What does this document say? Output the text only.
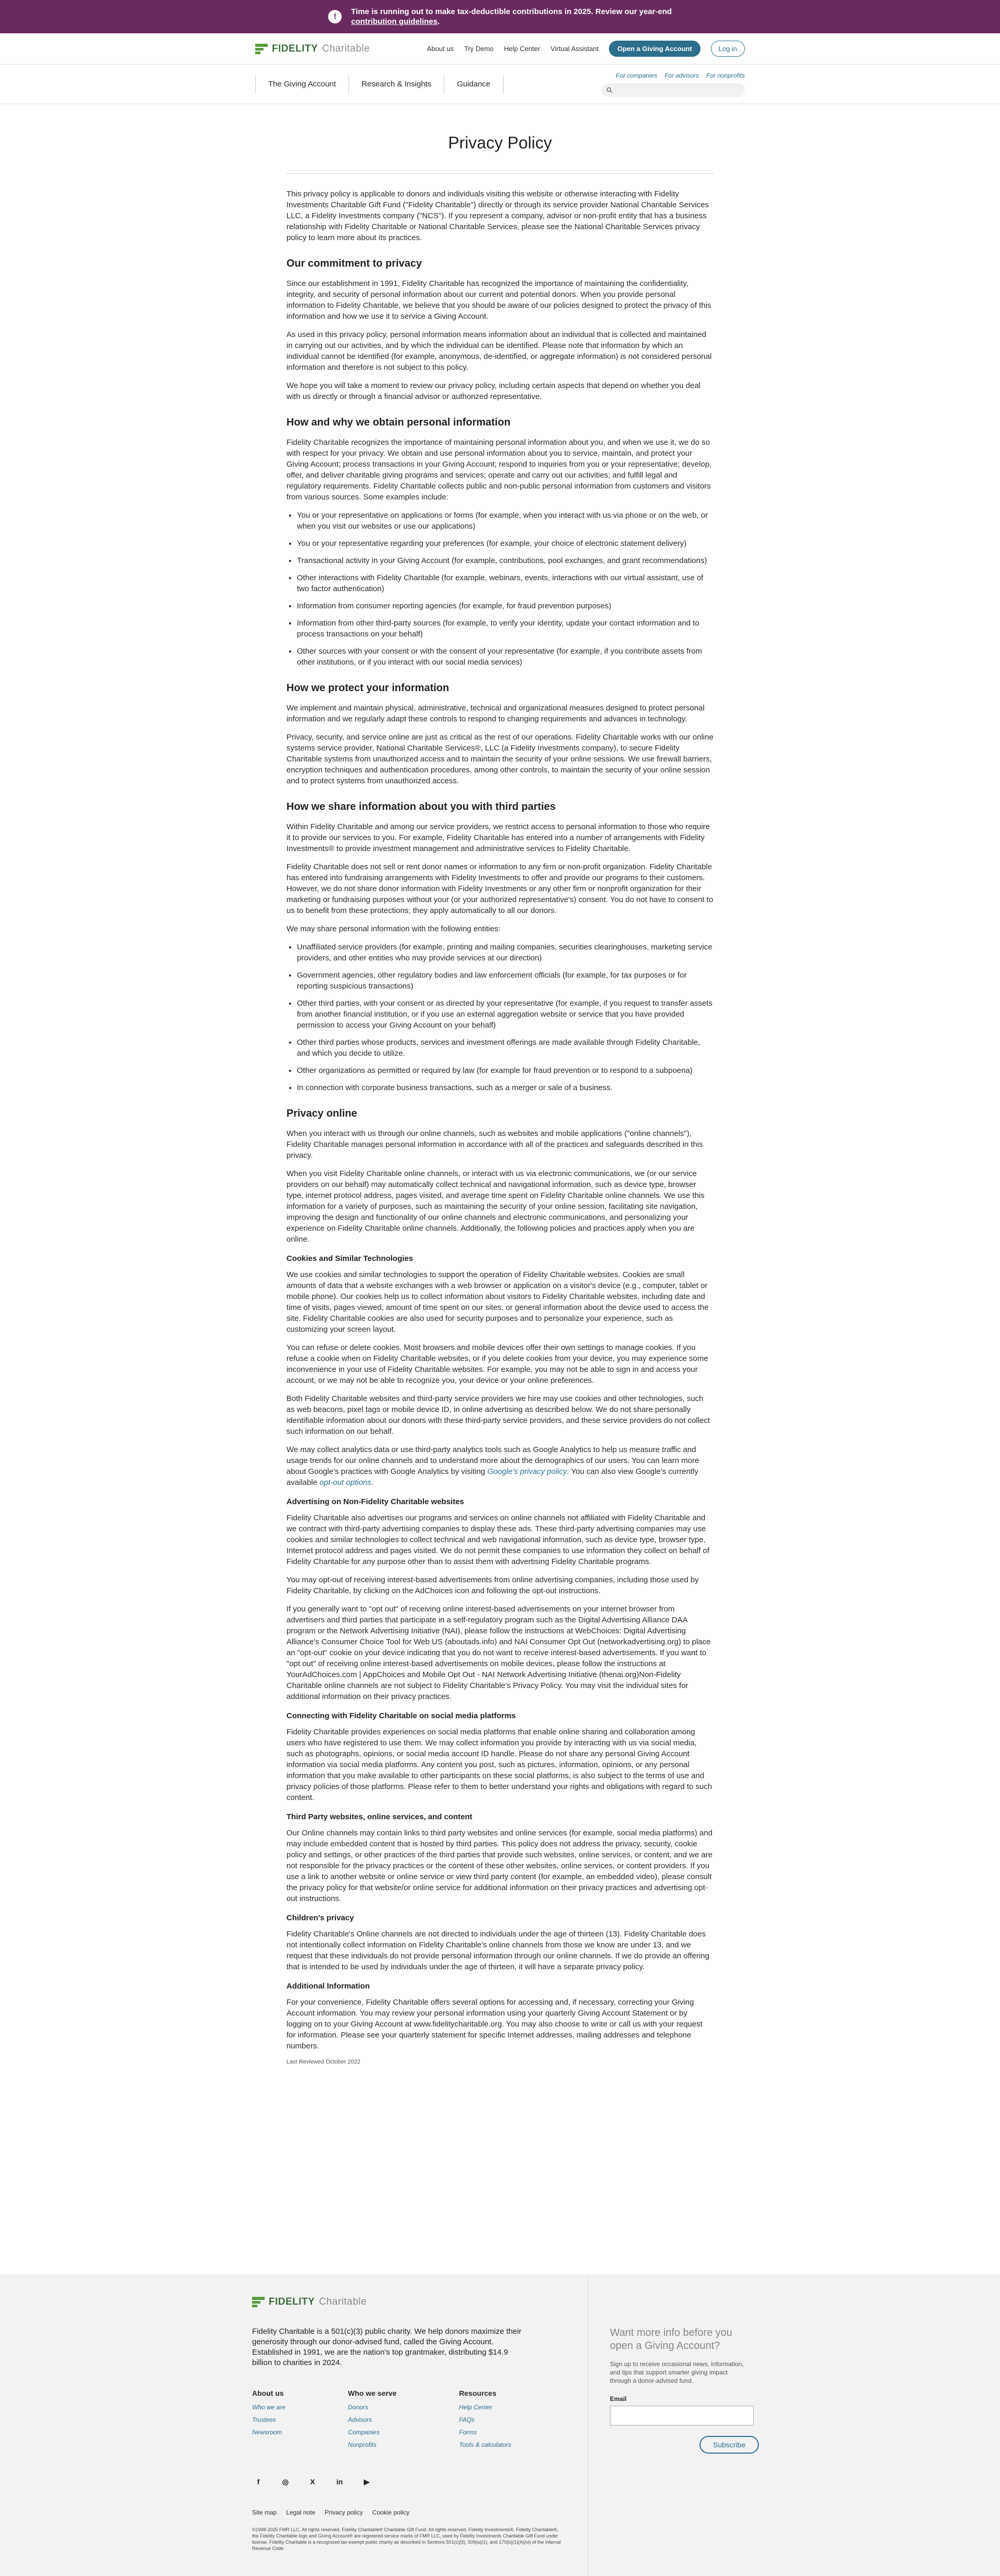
!	Time is running out to make tax-deductible contributions in 2025. Review our year-end
contribution guidelines.
FIDELITY Charitable	About us Try Demo Help Center Virtual Assistant	Open a Giving Account	Log in
The Giving Account	Research & Insights	Guidance
For companies For advisors For nonprofits
Privacy Policy

This privacy policy is applicable to donors and individuals visiting this website or otherwise interacting with Fidelity Investments Charitable Gift Fund ("Fidelity Charitable") directly or through its service provider National Charitable Services LLC, a Fidelity Investments company ("NCS"). If you represent a company, advisor or non-profit entity that has a business relationship with Fidelity Charitable or National Charitable Services, please see the National Charitable Services privacy policy to learn more about its practices.

Our commitment to privacy

Since our establishment in 1991, Fidelity Charitable has recognized the importance of maintaining the confidentiality, integrity, and security of personal information about our current and potential donors. When you provide personal information to Fidelity Charitable, we believe that you should be aware of our policies designed to protect the privacy of this information and how we use it to service a Giving Account.

As used in this privacy policy, personal information means information about an individual that is collected and maintained in carrying out our activities, and by which the individual can be identified. Please note that information by which an individual cannot be identified (for example, anonymous, de-identified, or aggregate information) is not considered personal information and therefore is not subject to this policy.

We hope you will take a moment to review our privacy policy, including certain aspects that depend on whether you deal with us directly or through a financial advisor or authorized representative.

How and why we obtain personal information

Fidelity Charitable recognizes the importance of maintaining personal information about you, and when we use it, we do so with respect for your privacy. We obtain and use personal information about you to service, maintain, and protect your Giving Account; process transactions in your Giving Account; respond to inquiries from you or your representative; develop, offer, and deliver charitable giving programs and services; operate and carry out our activities; and fulfill legal and regulatory requirements. Fidelity Charitable collects public and non-public personal information from customers and visitors from various sources. Some examples include:

• You or your representative on applications or forms (for example, when you interact with us via phone or on the web, or when you visit our websites or use our applications)
• You or your representative regarding your preferences (for example, your choice of electronic statement delivery)
• Transactional activity in your Giving Account (for example, contributions, pool exchanges, and grant recommendations)
• Other interactions with Fidelity Charitable (for example, webinars, events, interactions with our virtual assistant, use of two factor authentication)
• Information from consumer reporting agencies (for example, for fraud prevention purposes)
• Information from other third-party sources (for example, to verify your identity, update your contact information and to process transactions on your behalf)
• Other sources with your consent or with the consent of your representative (for example, if you contribute assets from other institutions, or if you interact with our social media services)
How we protect your information

We implement and maintain physical, administrative, technical and organizational measures designed to protect personal information and we regularly adapt these controls to respond to changing requirements and advances in technology.

Privacy, security, and service online are just as critical as the rest of our operations. Fidelity Charitable works with our online systems service provider, National Charitable Services®, LLC (a Fidelity Investments company), to secure Fidelity Charitable systems from unauthorized access and to maintain the security of your online sessions. We use firewall barriers, encryption techniques and authentication procedures, among other controls, to maintain the security of your online session and to protect systems from unauthorized access.

How we share information about you with third parties

Within Fidelity Charitable and among our service providers, we restrict access to personal information to those who require it to provide our services to you. For example, Fidelity Charitable has entered into a number of arrangements with Fidelity Investments® to provide investment management and administrative services to Fidelity Charitable.

Fidelity Charitable does not sell or rent donor names or information to any firm or non-profit organization. Fidelity Charitable has entered into fundraising arrangements with Fidelity Investments to offer and provide our programs to their customers. However, we do not share donor information with Fidelity Investments or any other firm or nonprofit organization for their marketing or fundraising purposes without your (or your authorized representative's) consent. You do not have to consent to us to benefit from these protections; they apply automatically to all our donors.

We may share personal information with the following entities:

• Unaffiliated service providers (for example, printing and mailing companies, securities clearinghouses, marketing service providers, and other entities who may provide services at our direction)
• Government agencies, other regulatory bodies and law enforcement officials (for example, for tax purposes or for reporting suspicious transactions)
• Other third parties, with your consent or as directed by your representative (for example, if you request to transfer assets from another financial institution, or if you use an external aggregation website or service that you have provided permission to access your Giving Account on your behalf)
• Other third parties whose products, services and investment offerings are made available through Fidelity Charitable, and which you decide to utilize.
• Other organizations as permitted or required by law (for example for fraud prevention or to respond to a subpoena)
• In connection with corporate business transactions, such as a merger or sale of a business.
Privacy online

When you interact with us through our online channels, such as websites and mobile applications ("online channels"), Fidelity Charitable manages personal information in accordance with all of the practices and safeguards described in this privacy.

When you visit Fidelity Charitable online channels, or interact with us via electronic communications, we (or our service providers on our behalf) may automatically collect technical and navigational information, such as device type, browser type, internet protocol address, pages visited, and average time spent on Fidelity Charitable online channels. We use this information for a variety of purposes, such as maintaining the security of your online session, facilitating site navigation, improving the design and functionality of our online channels and electronic communications, and personalizing your experience on Fidelity Charitable online channels. Additionally, the following policies and practices apply when you are online.

Cookies and Similar Technologies

We use cookies and similar technologies to support the operation of Fidelity Charitable websites. Cookies are small amounts of data that a website exchanges with a web browser or application on a visitor's device (e.g., computer, tablet or mobile phone). Our cookies help us to collect information about visitors to Fidelity Charitable websites, including date and time of visits, pages viewed, amount of time spent on our sites, or general information about the device used to access the site. Fidelity Charitable cookies are also used for security purposes and to personalize your experience, such as customizing your screen layout.

You can refuse or delete cookies. Most browsers and mobile devices offer their own settings to manage cookies. If you refuse a cookie when on Fidelity Charitable websites, or if you delete cookies from your device, you may experience some inconvenience in your use of Fidelity Charitable websites. For example, you may not be able to sign in and access your account, or we may not be able to recognize you, your device or your online preferences.

Both Fidelity Charitable websites and third-party service providers we hire may use cookies and other technologies, such as web beacons, pixel tags or mobile device ID, in online advertising as described below. We do not share personally identifiable information about our donors with these third-party service providers, and these service providers do not collect such information on our behalf.

We may collect analytics data or use third-party analytics tools such as Google Analytics to help us measure traffic and usage trends for our online channels and to understand more about the demographics of our users. You can learn more about Google's practices with Google Analytics by visiting Google's privacy policy. You can also view Google's currently available opt-out options.

Advertising on Non-Fidelity Charitable websites

Fidelity Charitable also advertises our programs and services on online channels not affiliated with Fidelity Charitable and we contract with third-party advertising companies to display these ads. These third-party advertising companies may use cookies and similar technologies to collect technical and web navigational information, such as device type, browser type, Internet protocol address and pages visited. We do not permit these companies to use information they collect on behalf of Fidelity Charitable for any purpose other than to assist them with advertising Fidelity Charitable programs.

You may opt-out of receiving interest-based advertisements from online advertising companies, including those used by Fidelity Charitable, by clicking on the AdChoices icon and following the opt-out instructions.

If you generally want to "opt out" of receiving online interest-based advertisements on your internet browser from advertisers and third parties that participate in a self-regulatory program such as the Digital Advertising Alliance DAA program or the Network Advertising Initiative (NAI), please follow the instructions at WebChoices: Digital Advertising Alliance's Consumer Choice Tool for Web US (aboutads.info) and NAI Consumer Opt Out (networkadvertising.org) to place an "opt-out" cookie on your device indicating that you do not want to receive interest-based advertisements. If you want to "opt out" of receiving online interest-based advertisements on mobile devices, please follow the instructions at YourAdChoices.com | AppChoices and Mobile Opt Out - NAI Network Advertising Initiative (thenai.org)Non-Fidelity Charitable online channels are not subject to Fidelity Charitable's Privacy Policy. You may visit the individual sites for additional information on their privacy practices.

Connecting with Fidelity Charitable on social media platforms

Fidelity Charitable provides experiences on social media platforms that enable online sharing and collaboration among users who have registered to use them. We may collect information you provide by interacting with us via social media, such as photographs, opinions, or social media account ID handle. Please do not share any personal Giving Account information via social media platforms. Any content you post, such as pictures, information, opinions, or any personal information that you make available to other participants on these social platforms, is also subject to the terms of use and privacy policies of those platforms. Please refer to them to better understand your rights and obligations with regard to such content.

Third Party websites, online services, and content

Our Online channels may contain links to third party websites and online services (for example, social media platforms) and may include embedded content that is hosted by third parties. This policy does not address the privacy, security, cookie policy and settings, or other practices of the third parties that provide such websites, online services, or content, and we are not responsible for the privacy practices or the content of these other websites, online services, or content providers. If you use a link to another website or online service or view third party content (for example, an embedded video), please consult the privacy policy for that website/or online service for additional information on their privacy practices and advertising opt-out instructions.

Children's privacy

Fidelity Charitable's Online channels are not directed to individuals under the age of thirteen (13). Fidelity Charitable does not intentionally collect information on Fidelity Charitable's online channels from those we know are under 13, and we request that these individuals do not provide personal information through our online channels. If we do provide an offering that is intended to be used by individuals under the age of thirteen, it will have a separate privacy policy.

Additional Information

For your convenience, Fidelity Charitable offers several options for accessing and, if necessary, correcting your Giving Account information. You may review your personal information using your quarterly Giving Account Statement or by logging on to your Giving Account at www.fidelitycharitable.org. You may also choose to write or call us with your request for information. Please see your quarterly statement for specific Internet addresses, mailing addresses and telephone numbers.

Last Reviewed October 2022
FIDELITY Charitable
Fidelity Charitable is a 501(c)(3) public charity. We help donors maximize their generosity through our donor-advised fund, called the Giving Account. Established in 1991, we are the nation's top grantmaker, distributing $14.9 billion to charities in 2024.
About us
Who we are
Trustees
Newsroom
Who we serve
Donors
Advisors
Companies
Nonprofits
Resources
Help Center
FAQs
Forms
Tools & calculators
f	◎	X	in	▶
Site map Legal note Privacy policy Cookie policy
©1998-2025 FMR LLC. All rights reserved. Fidelity Charitable® Charitable Gift Fund. All rights reserved. Fidelity Investments®, Fidelity Charitable®, the Fidelity Charitable logo and Giving Account® are registered service marks of FMR LLC, used by Fidelity Investments Charitable Gift Fund under license. Fidelity Charitable is a recognized tax-exempt public charity as described in Sections 501(c)(3), 509(a)(1), and 170(b)(1)(A)(vi) of the Internal Revenue Code.
Want more info before you open a Giving Account?
Sign up to receive occasional news, information, and tips that support smarter giving impact through a donor-advised fund.
Email
Subscribe
